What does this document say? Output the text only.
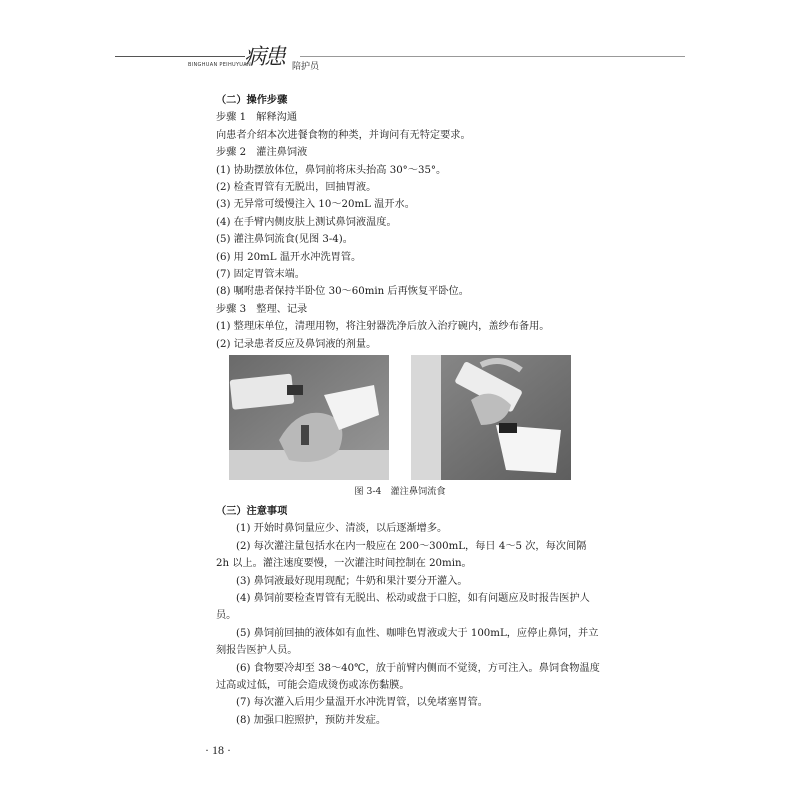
病患
BINGHUAN PEIHUYUAN	陪护员

（二）操作步骤

步骤 1　解释沟通

向患者介绍本次进餐食物的种类，并询问有无特定要求。

步骤 2　灌注鼻饲液

(1) 协助摆放体位，鼻饲前将床头抬高 30°～35°。

(2) 检查胃管有无脱出，回抽胃液。

(3) 无异常可缓慢注入 10～20mL 温开水。

(4) 在手臂内侧皮肤上测试鼻饲液温度。

(5) 灌注鼻饲流食(见图 3-4)。

(6) 用 20mL 温开水冲洗胃管。

(7) 固定胃管末端。

(8) 嘱咐患者保持半卧位 30～60min 后再恢复平卧位。

步骤 3　整理、记录

(1) 整理床单位，清理用物，将注射器洗净后放入治疗碗内，盖纱布备用。

(2) 记录患者反应及鼻饲液的剂量。

图 3-4　灌注鼻饲流食

（三）注意事项

(1) 开始时鼻饲量应少、清淡，以后逐渐增多。

(2) 每次灌注量包括水在内一般应在 200～300mL，每日 4～5 次，每次间隔 2h 以上。灌注速度要慢，一次灌注时间控制在 20min。

(3) 鼻饲液最好现用现配；牛奶和果汁要分开灌入。

(4) 鼻饲前要检查胃管有无脱出、松动或盘于口腔，如有问题应及时报告医护人员。

(5) 鼻饲前回抽的液体如有血性、咖啡色胃液或大于 100mL，应停止鼻饲，并立刻报告医护人员。

(6) 食物要冷却至 38～40℃，放于前臂内侧而不觉烫，方可注入。鼻饲食物温度过高或过低，可能会造成烫伤或冻伤黏膜。

(7) 每次灌入后用少量温开水冲洗胃管，以免堵塞胃管。

(8) 加强口腔照护，预防并发症。

· 18 ·
